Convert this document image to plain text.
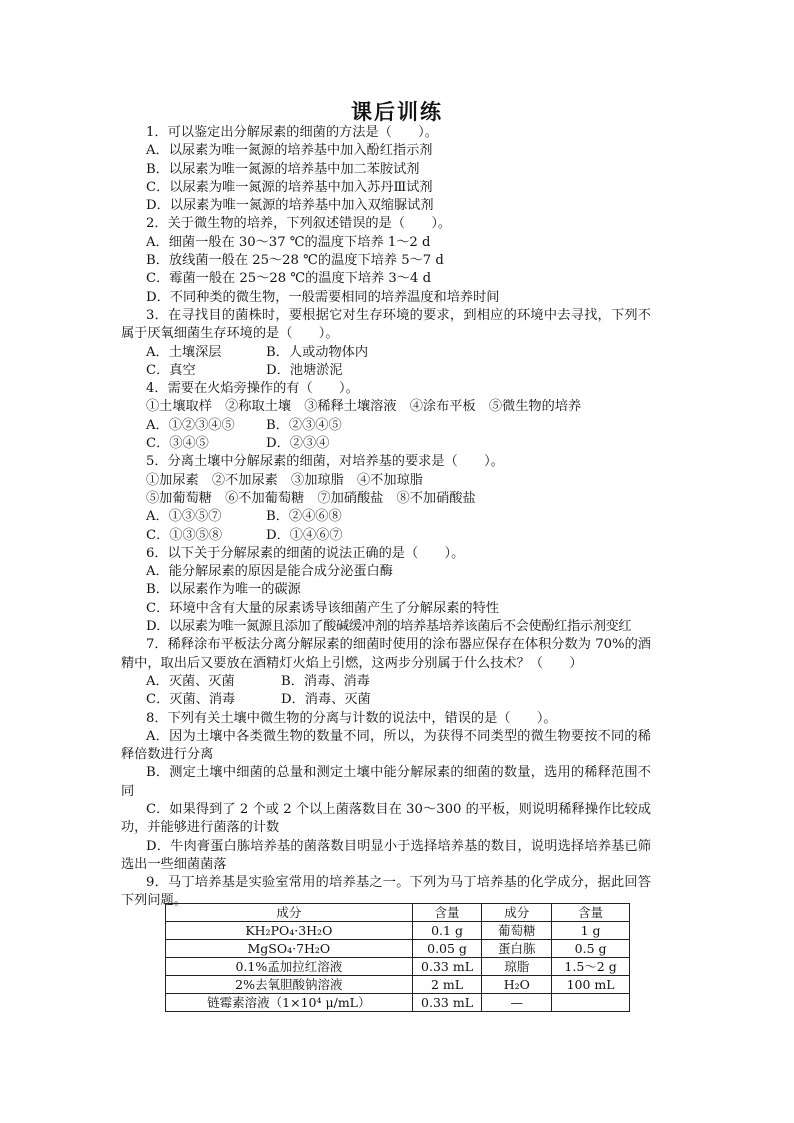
课后训练

1．可以鉴定出分解尿素的细菌的方法是（　　）。

A．以尿素为唯一氮源的培养基中加入酚红指示剂

B．以尿素为唯一氮源的培养基中加二苯胺试剂

C．以尿素为唯一氮源的培养基中加入苏丹Ⅲ试剂

D．以尿素为唯一氮源的培养基中加入双缩脲试剂

2．关于微生物的培养，下列叙述错误的是（　　）。

A．细菌一般在 30～37 ℃的温度下培养 1～2 d

B．放线菌一般在 25～28 ℃的温度下培养 5～7 d

C．霉菌一般在 25～28 ℃的温度下培养 3～4 d

D．不同种类的微生物，一般需要相同的培养温度和培养时间

3．在寻找目的菌株时，要根据它对生存环境的要求，到相应的环境中去寻找，下列不属于厌氧细菌生存环境的是（　　）。

A．土壤深层	B．人或动物体内

C．真空	D．池塘淤泥

4．需要在火焰旁操作的有（　　）。

①土壤取样　②称取土壤　③稀释土壤溶液　④涂布平板　⑤微生物的培养

A．①②③④⑤ B．②③④⑤

C．③④⑤	D．②③④

5．分离土壤中分解尿素的细菌，对培养基的要求是（　　）。

①加尿素　②不加尿素　③加琼脂　④不加琼脂

⑤加葡萄糖　⑥不加葡萄糖　⑦加硝酸盐　⑧不加硝酸盐

A．①③⑤⑦	B．②④⑥⑧

C．①③⑤⑧	D．①④⑥⑦

6．以下关于分解尿素的细菌的说法正确的是（　　）。

A．能分解尿素的原因是能合成分泌蛋白酶

B．以尿素作为唯一的碳源

C．环境中含有大量的尿素诱导该细菌产生了分解尿素的特性

D．以尿素为唯一氮源且添加了酸碱缓冲剂的培养基培养该菌后不会使酚红指示剂变红

7．稀释涂布平板法分离分解尿素的细菌时使用的涂布器应保存在体积分数为 70%的酒精中，取出后又要放在酒精灯火焰上引燃，这两步分别属于什么技术？（　　）

A．灭菌、灭菌	B．消毒、消毒

C．灭菌、消毒	D．消毒、灭菌

8．下列有关土壤中微生物的分离与计数的说法中，错误的是（　　）。

A．因为土壤中各类微生物的数量不同，所以，为获得不同类型的微生物要按不同的稀释倍数进行分离

B．测定土壤中细菌的总量和测定土壤中能分解尿素的细菌的数量，选用的稀释范围不同

C．如果得到了 2 个或 2 个以上菌落数目在 30～300 的平板，则说明稀释操作比较成功，并能够进行菌落的计数

D．牛肉膏蛋白胨培养基的菌落数目明显小于选择培养基的数目，说明选择培养基已筛选出一些细菌菌落

9．马丁培养基是实验室常用的培养基之一。下列为马丁培养基的化学成分，据此回答下列问题。

成分	含量	成分	含量
KH₂PO₄·3H₂O	0.1 g	葡萄糖	1 g
MgSO₄·7H₂O	0.05 g	蛋白胨	0.5 g
0.1%孟加拉红溶液	0.33 mL	琼脂	1.5～2 g
2%去氧胆酸钠溶液	2 mL	H₂O	100 mL
链霉素溶液（1×10⁴ μ/mL）	0.33 mL	—	
